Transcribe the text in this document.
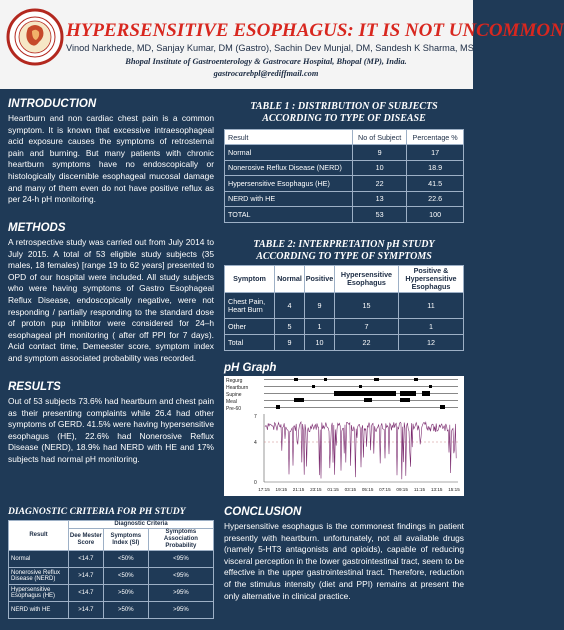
HYPERSENSITIVE ESOPHAGUS: IT IS NOT UNCOMMON
Vinod Narkhede, MD, Sanjay Kumar, DM (Gastro), Sachin Dev Munjal, DM, Sandesh K Sharma, MS
Bhopal Institute of Gastroenterology & Gastrocare Hospital, Bhopal (MP), India.
gastrocarebpl@rediffmail.com
INTRODUCTION
Heartburn and non cardiac chest pain is a common symptom. It is known that excessive intraesophageal acid exposure causes the symptoms of retrosternal pain and burning. But many patients with chronic heartburn symptoms have no endoscopically or histologically discernible esophageal mucosal damage and many of them even do not have positive reflux as per 24-h pH monitoring.
METHODS
A retrospective study was carried out from July 2014 to July 2015. A total of 53 eligible study subjects (35 males, 18 females) [range 19 to 62 years] presented to OPD of our hospital were included. All study subjects who were having symptoms of Gastro Esophageal Reflux Disease, endoscopically negative, were not responding / partially responding to the standard dose of proton pup inhibitor were considered for 24–h esophageal pH monitoring ( after off PPI for 7 days). Acid contact time, Demeester score, symptom index and symptom associated probability was recorded.
RESULTS
Out of 53 subjects 73.6% had heartburn and chest pain as their presenting complaints while 26.4 had other symptoms of GERD. 41.5% were having hypersensitive esophagus (HE), 22.6% had Nonerosive Reflux Disease (NERD), 18.9% had NERD with HE and 17% subjects had normal pH monitoring.
DIAGNOSTIC CRITERIA FOR PH STUDY
Result	Diagnostic Criteria		
	Dee Mester Score	Symptoms Index (SI)	Symptoms Association Probability
Normal	<14.7	<50%	<95%
Nonerosive Reflux Disease (NERD)	>14.7	<50%	<95%
Hypersensitive Esophagus (HE)	<14.7	>50%	>95%
NERD with HE	>14.7	>50%	>95%
TABLE 1 : DISTRIBUTION OF SUBJECTS
ACCORDING TO TYPE OF DISEASE
Result	No of Subject	Percentage %
Normal	9	17
Nonerosive Reflux Disease (NERD)	10	18.9
Hypersensitive Esophagus (HE)	22	41.5
NERD with HE	13	22.6
TOTAL	53	100
TABLE 2: INTERPRETATION pH STUDY
ACCORDING TO TYPE OF SYMPTOMS
Symptom	Normal	Positive	Hypersensitive Esophagus	Positive & Hypersensitive Esophagus
Chest Pain, Heart Burn	4	9	15	11
Other	5	1	7	1
Total	9	10	22	12
pH Graph
Regurg
Heartburn
Supine
Meal
Pre-60
7
4
0
17:15 19:15 21:15 23:15 01:15 03:15 05:15 07:15 09:15 11:15 13:15 15:15
CONCLUSION
Hypersensitive esophagus is the commonest findings in patient presently with heartburn. unfortunately, not all available drugs (namely 5-HT3 antagonists and opioids), capable of reducing visceral perception in the lower gastrointestinal tract, seem to be effective in the upper gastrointestinal tract. Therefore, reduction of the stimulus intensity (diet and PPI) remains at present the only alternative in clinical practice.
